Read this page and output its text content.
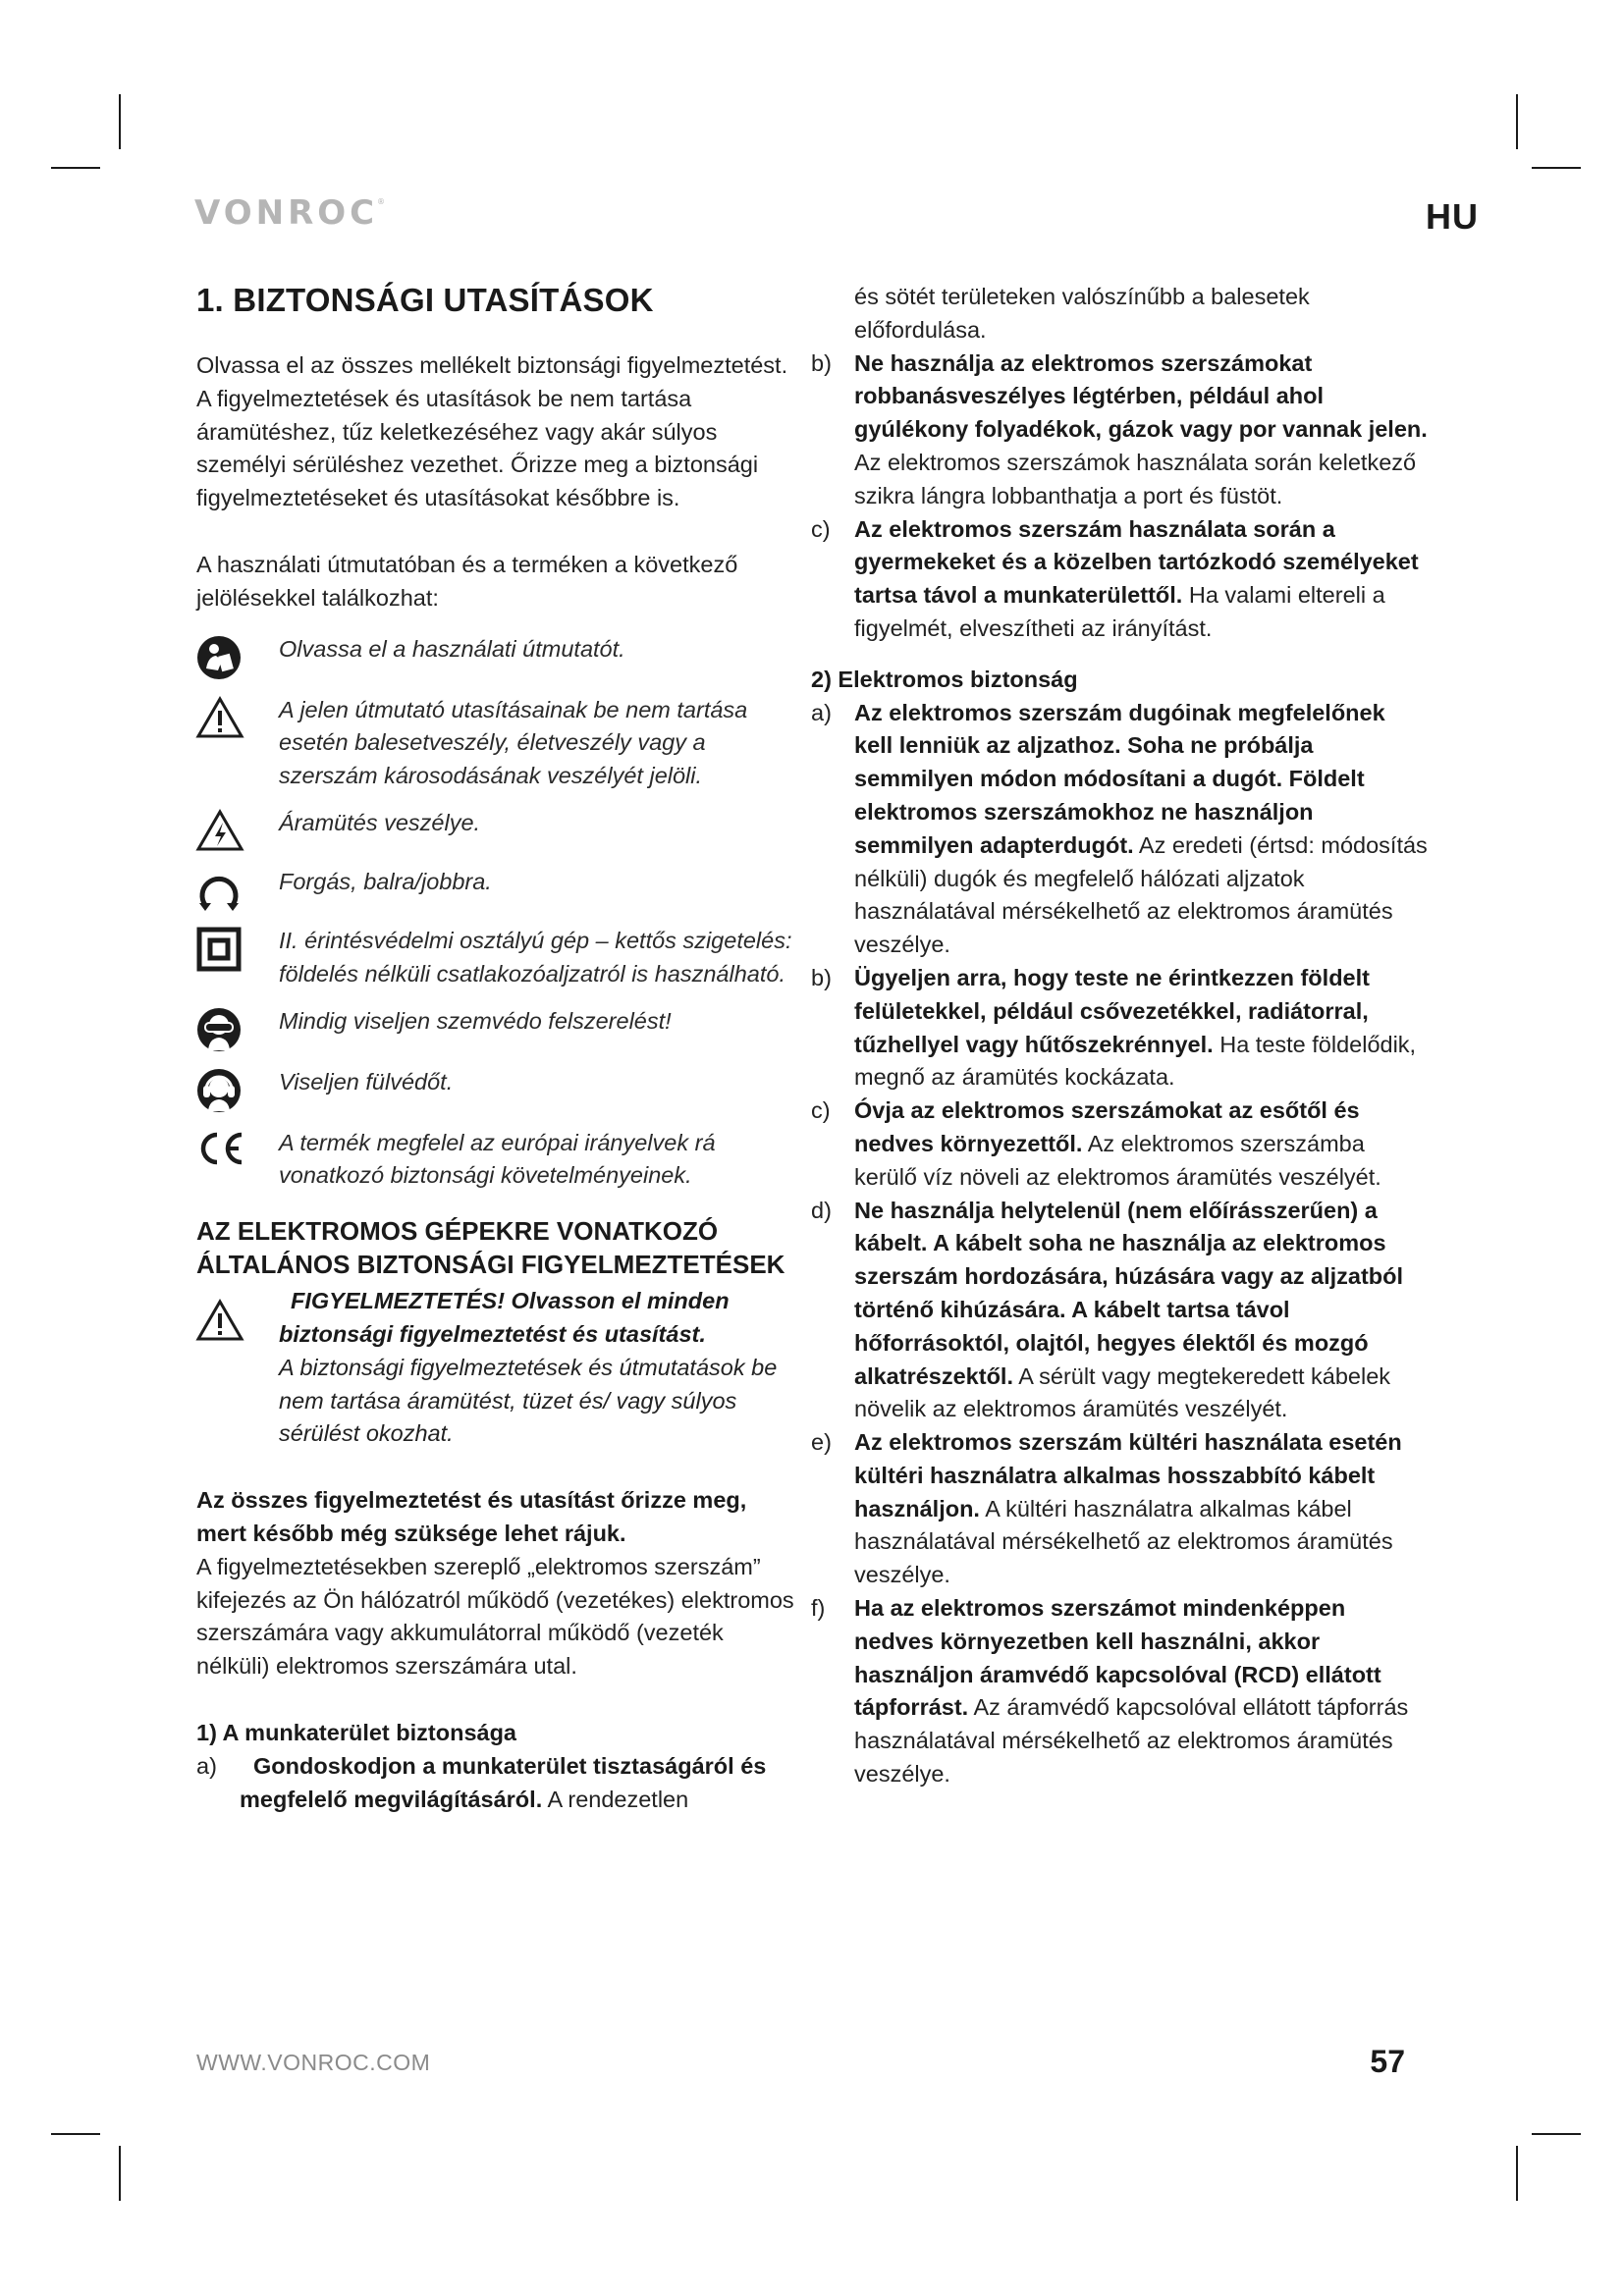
VONROC
®	HU
1. BIZTONSÁGI UTASÍTÁSOK

Olvassa el az összes mellékelt biztonsági figyelmeztetést. A figyelmeztetések és utasítások be nem tartása áramütéshez, tűz keletkezéséhez vagy akár súlyos személyi sérüléshez vezethet. Őrizze meg a biztonsági figyelmeztetéseket és utasításokat későbbre is.

A használati útmutatóban és a terméken a következő jelölésekkel találkozhat:

Olvassa el a használati útmutatót.
A jelen útmutató utasításainak be nem tartása esetén balesetveszély, életveszély vagy a szerszám károsodásának veszélyét jelöli.
Áramütés veszélye.
Forgás, balra/jobbra.
II. érintésvédelmi osztályú gép – kettős szigetelés: földelés nélküli csatlakozóaljzatról is használható.
Mindig viseljen szemvédo felszerelést!
Viseljen fülvédőt.
A termék megfelel az európai irányelvek rá vonatkozó biztonsági követelményeinek.
AZ ELEKTROMOS GÉPEKRE VONATKOZÓ ÁLTALÁNOS BIZTONSÁGI FIGYELMEZTETÉSEK
FIGYELMEZTETÉS! Olvasson el minden biztonsági figyelmeztetést és utasítást.
A biztonsági figyelmeztetések és útmutatások be nem tartása áramütést, tüzet és/ vagy súlyos sérülést okozhat.

Az összes figyelmeztetést és utasítást őrizze meg, mert később még szüksége lehet rájuk.

A figyelmeztetésekben szereplő „elektromos szerszám” kifejezés az Ön hálózatról működő (vezetékes) elektromos szerszámára vagy akkumulátorral működő (vezeték nélküli) elektromos szerszámára utal.

1) A munkaterület biztonsága
a)	Gondoskodjon a munkaterület tisztaságáról és megfelelő megvilágításáról. A rendezetlen
és sötét területeken valószínűbb a balesetek előfordulása.
b) Ne használja az elektromos szerszámokat robbanásveszélyes légtérben, például ahol gyúlékony folyadékok, gázok vagy por vannak jelen. Az elektromos szerszámok használata során keletkező szikra lángra lobbanthatja a port és füstöt.
c)	Az elektromos szerszám használata során a gyermekeket és a közelben tartózkodó személyeket tartsa távol a munkaterülettől. Ha valami eltereli a figyelmét, elveszítheti az irányítást.
2) Elektromos biztonság
a) Az elektromos szerszám dugóinak megfelelőnek kell lenniük az aljzathoz. Soha ne próbálja semmilyen módon módosítani a dugót. Földelt elektromos szerszámokhoz ne használjon semmilyen adapterdugót. Az eredeti (értsd: módosítás nélküli) dugók és megfelelő hálózati aljzatok használatával mérsékelhető az elektromos áramütés veszélye.
b) Ügyeljen arra, hogy teste ne érintkezzen földelt felületekkel, például csővezetékkel, radiátorral, tűzhellyel vagy hűtőszekrénnyel. Ha teste földelődik, megnő az áramütés kockázata.
c)	Óvja az elektromos szerszámokat az esőtől és nedves környezettől. Az elektromos szerszámba kerülő víz növeli az elektromos áramütés veszélyét.
d) Ne használja helytelenül (nem előírásszerűen) a kábelt. A kábelt soha ne használja az elektromos szerszám hordozására, húzására vagy az aljzatból történő kihúzására. A kábelt tartsa távol hőforrásoktól, olajtól, hegyes élektől és mozgó alkatrészektől. A sérült vagy megtekeredett kábelek növelik az elektromos áramütés veszélyét.
e) Az elektromos szerszám kültéri használata esetén kültéri használatra alkalmas hosszabbító kábelt használjon. A kültéri használatra alkalmas kábel használatával mérsékelhető az elektromos áramütés veszélye.
f)	Ha az elektromos szerszámot mindenképpen nedves környezetben kell használni, akkor használjon áramvédő kapcsolóval (RCD) ellátott tápforrást. Az áramvédő kapcsolóval ellátott tápforrás használatával mérsékelhető az elektromos áramütés veszélye.
WWW.VONROC.COM	57
